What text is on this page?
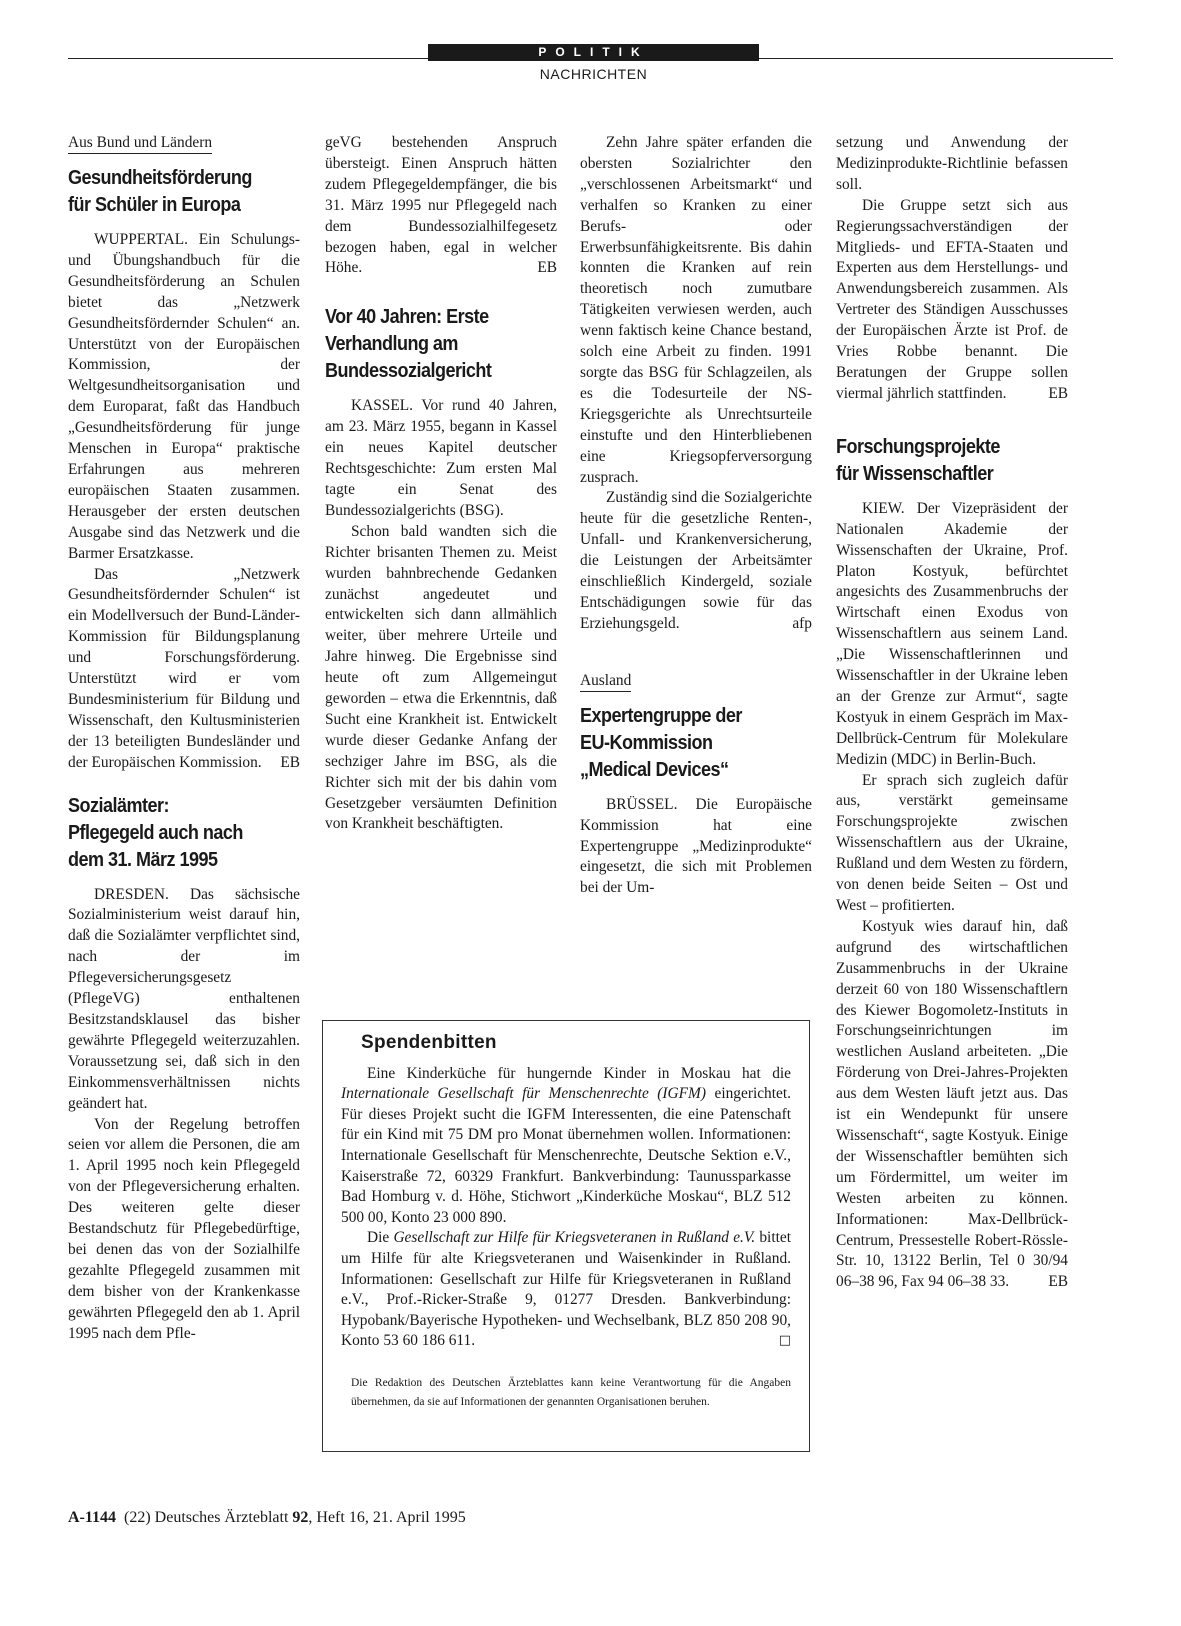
POLITIK
NACHRICHTEN
Aus Bund und Ländern
Gesundheitsförderung
für Schüler in Europa

WUPPERTAL. Ein Schulungs- und Übungshandbuch für die Gesundheitsförderung an Schulen bietet das „Netzwerk Gesundheitsfördernder Schulen“ an. Unterstützt von der Europäischen Kommission, der Weltgesundheitsorganisation und dem Europarat, faßt das Handbuch „Gesundheitsförderung für junge Menschen in Europa“ praktische Erfahrungen aus mehreren europäischen Staaten zusammen. Herausgeber der ersten deutschen Ausgabe sind das Netzwerk und die Barmer Ersatzkasse.

Das „Netzwerk Gesundheitsfördernder Schulen“ ist ein Modellversuch der Bund-Länder-Kommission für Bildungsplanung und Forschungsförderung. Unterstützt wird er vom Bundesministerium für Bildung und Wissenschaft, den Kultusministerien der 13 beteiligten Bundesländer und der Europäischen Kommission. EB

Sozialämter:
Pflegegeld auch nach
dem 31. März 1995

DRESDEN. Das sächsische Sozialministerium weist darauf hin, daß die Sozialämter verpflichtet sind, nach der im Pflegeversicherungsgesetz (PflegeVG) enthaltenen Besitzstandsklausel das bisher gewährte Pflegegeld weiterzuzahlen. Voraussetzung sei, daß sich in den Einkommensverhältnissen nichts geändert hat.

Von der Regelung betroffen seien vor allem die Personen, die am 1. April 1995 noch kein Pflegegeld von der Pflegeversicherung erhalten. Des weiteren gelte dieser Bestandschutz für Pflegebedürftige, bei denen das von der Sozialhilfe gezahlte Pflegegeld zusammen mit dem bisher von der Krankenkasse gewährten Pflegegeld den ab 1. April 1995 nach dem Pfle-

geVG bestehenden Anspruch übersteigt. Einen Anspruch hätten zudem Pflegegeldempfänger, die bis 31. März 1995 nur Pflegegeld nach dem Bundessozialhilfegesetz bezogen haben, egal in welcher Höhe.	EB

Vor 40 Jahren: Erste
Verhandlung am
Bundessozialgericht

KASSEL. Vor rund 40 Jahren, am 23. März 1955, begann in Kassel ein neues Kapitel deutscher Rechtsgeschichte: Zum ersten Mal tagte ein Senat des Bundessozialgerichts (BSG).

Schon bald wandten sich die Richter brisanten Themen zu. Meist wurden bahnbrechende Gedanken zunächst angedeutet und entwickelten sich dann allmählich weiter, über mehrere Urteile und Jahre hinweg. Die Ergebnisse sind heute oft zum Allgemeingut geworden – etwa die Erkenntnis, daß Sucht eine Krankheit ist. Entwickelt wurde dieser Gedanke Anfang der sechziger Jahre im BSG, als die Richter sich mit der bis dahin vom Gesetzgeber versäumten Definition von Krankheit beschäftigten.

Zehn Jahre später erfanden die obersten Sozialrichter den „verschlossenen Arbeitsmarkt“ und verhalfen so Kranken zu einer Berufs- oder Erwerbsunfähigkeitsrente. Bis dahin konnten die Kranken auf rein theoretisch noch zumutbare Tätigkeiten verwiesen werden, auch wenn faktisch keine Chance bestand, solch eine Arbeit zu finden. 1991 sorgte das BSG für Schlagzeilen, als es die Todesurteile der NS-Kriegsgerichte als Unrechtsurteile einstufte und den Hinterbliebenen eine Kriegsopferversorgung zusprach.

Zuständig sind die Sozialgerichte heute für die gesetzliche Renten-, Unfall- und Krankenversicherung, die Leistungen der Arbeitsämter einschließlich Kindergeld, soziale Entschädigungen sowie für das Erziehungsgeld.	afp

Ausland
Expertengruppe der
EU-Kommission
„Medical Devices“

BRÜSSEL. Die Europäische Kommission hat eine Expertengruppe „Medizinprodukte“ eingesetzt, die sich mit Problemen bei der Um-

setzung und Anwendung der Medizinprodukte-Richtlinie befassen soll.

Die Gruppe setzt sich aus Regierungssachverständigen der Mitglieds- und EFTA-Staaten und Experten aus dem Herstellungs- und Anwendungsbereich zusammen. Als Vertreter des Ständigen Ausschusses der Europäischen Ärzte ist Prof. de Vries Robbe benannt. Die Beratungen der Gruppe sollen viermal jährlich stattfinden.	EB

Forschungsprojekte
für Wissenschaftler

KIEW. Der Vizepräsident der Nationalen Akademie der Wissenschaften der Ukraine, Prof. Platon Kostyuk, befürchtet angesichts des Zusammenbruchs der Wirtschaft einen Exodus von Wissenschaftlern aus seinem Land. „Die Wissenschaftlerinnen und Wissenschaftler in der Ukraine leben an der Grenze zur Armut“, sagte Kostyuk in einem Gespräch im Max-Dellbrück-Centrum für Molekulare Medizin (MDC) in Berlin-Buch.

Er sprach sich zugleich dafür aus, verstärkt gemeinsame Forschungsprojekte zwischen Wissenschaftlern aus der Ukraine, Rußland und dem Westen zu fördern, von denen beide Seiten – Ost und West – profitierten.

Kostyuk wies darauf hin, daß aufgrund des wirtschaftlichen Zusammenbruchs in der Ukraine derzeit 60 von 180 Wissenschaftlern des Kiewer Bogomoletz-Instituts in Forschungseinrichtungen im westlichen Ausland arbeiteten. „Die Förderung von Drei-Jahres-Projekten aus dem Westen läuft jetzt aus. Das ist ein Wendepunkt für unsere Wissenschaft“, sagte Kostyuk. Einige der Wissenschaftler bemühten sich um Fördermittel, um weiter im Westen arbeiten zu können. Informationen: Max-Dellbrück-Centrum, Pressestelle Robert-Rössle-Str. 10, 13122 Berlin, Tel 0 30/94 06–38 96, Fax 94 06–38 33.	EB

Spendenbitten

Eine Kinderküche für hungernde Kinder in Moskau hat die Internationale Gesellschaft für Menschenrechte (IGFM) eingerichtet. Für dieses Projekt sucht die IGFM Interessenten, die eine Patenschaft für ein Kind mit 75 DM pro Monat übernehmen wollen. Informationen: Internationale Gesellschaft für Menschenrechte, Deutsche Sektion e.V., Kaiserstraße 72, 60329 Frankfurt. Bankverbindung: Taunussparkasse Bad Homburg v. d. Höhe, Stichwort „Kinderküche Moskau“, BLZ 512 500 00, Konto 23 000 890.

Die Gesellschaft zur Hilfe für Kriegsveteranen in Rußland e.V. bittet um Hilfe für alte Kriegsveteranen und Waisenkinder in Rußland. Informationen: Gesellschaft zur Hilfe für Kriegsveteranen in Rußland e.V., Prof.-Ricker-Straße 9, 01277 Dresden. Bankverbindung: Hypobank/Bayerische Hypotheken- und Wechselbank, BLZ 850 208 90, Konto 53 60 186 611.	□

Die Redaktion des Deutschen Ärzteblattes kann keine Verantwortung für die Angaben übernehmen, da sie auf Informationen der genannten Organisationen beruhen.

A-1144 (22) Deutsches Ärzteblatt 92, Heft 16, 21. April 1995
